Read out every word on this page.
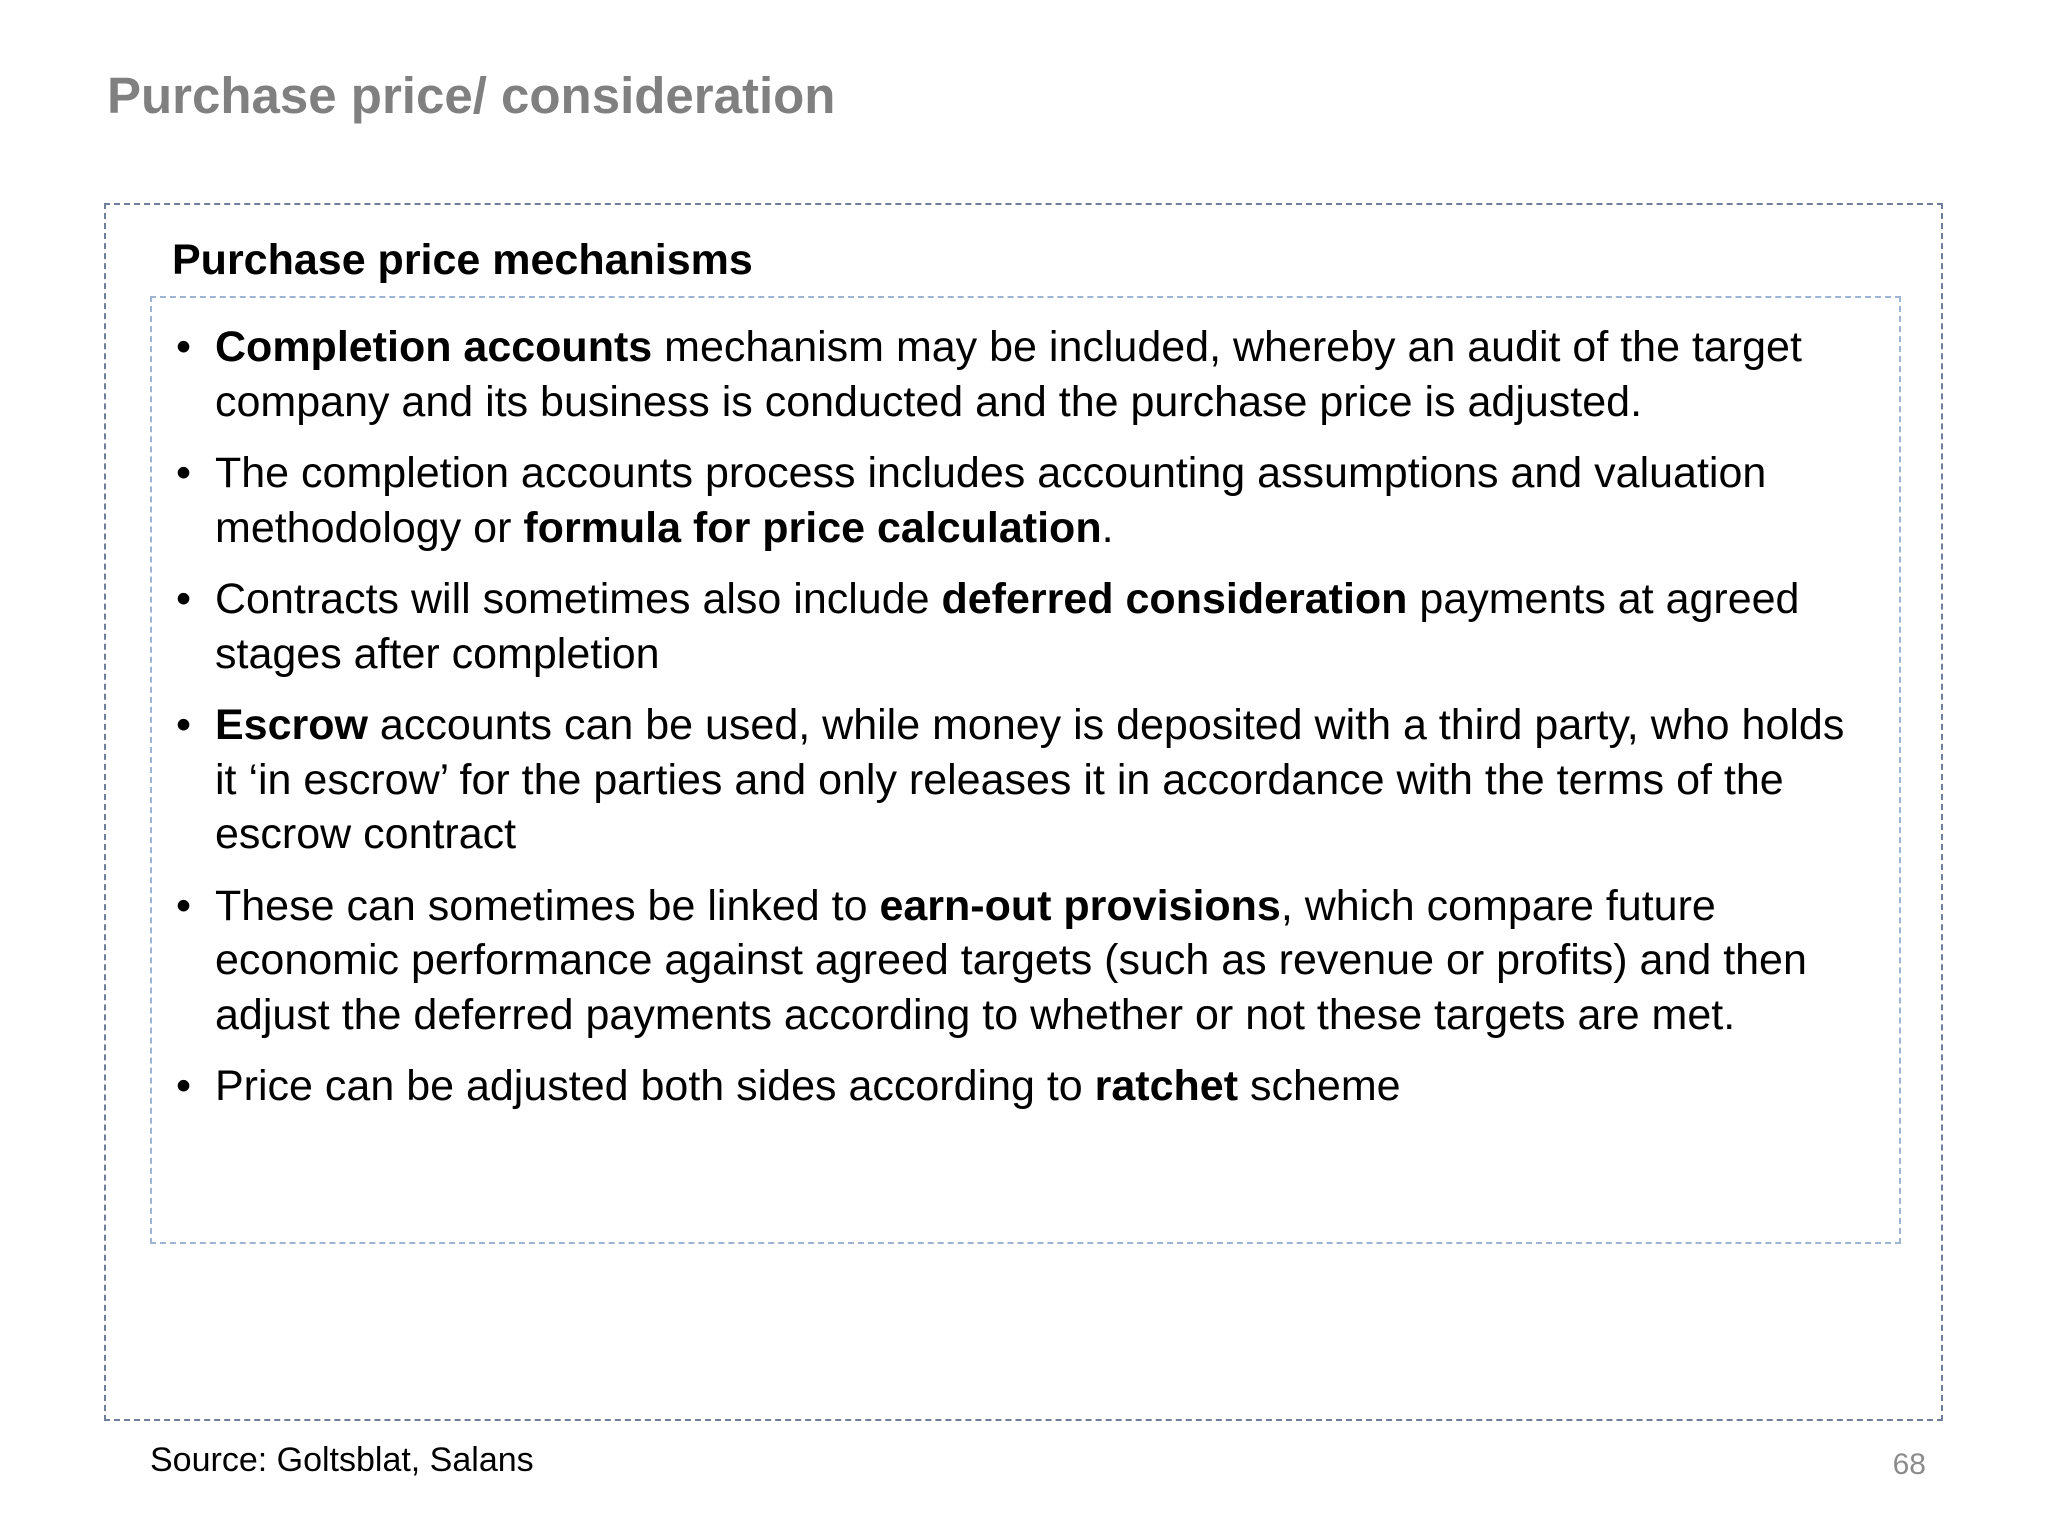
Purchase price/ consideration
Purchase price mechanisms
• Completion accounts mechanism may be included, whereby an audit of the target company and its business is conducted and the purchase price is adjusted.
• The completion accounts process includes accounting assumptions and valuation methodology or formula for price calculation.
• Contracts will sometimes also include deferred consideration payments at agreed stages after completion
• Escrow accounts can be used, while money is deposited with a third party, who holds it ‘in escrow’ for the parties and only releases it in accordance with the terms of the escrow contract
• These can sometimes be linked to earn-out provisions, which compare future economic performance against agreed targets (such as revenue or profits) and then adjust the deferred payments according to whether or not these targets are met.
• Price can be adjusted both sides according to ratchet scheme
Source: Goltsblat, Salans	68
